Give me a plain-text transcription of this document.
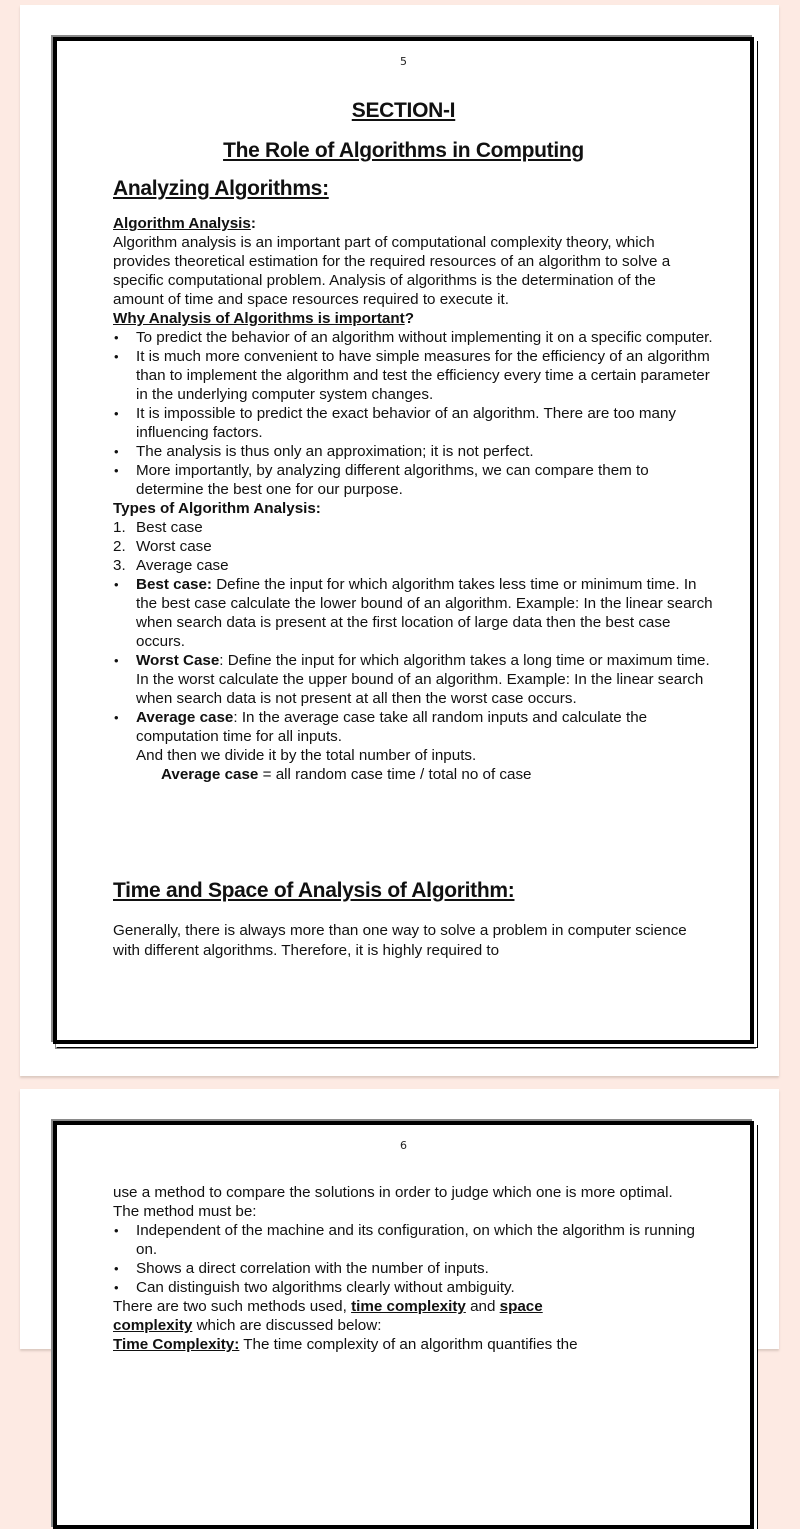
5
SECTION-I
The Role of Algorithms in Computing
Analyzing Algorithms:

Algorithm Analysis:

Algorithm analysis is an important part of computational complexity theory, which provides theoretical estimation for the required resources of an algorithm to solve a specific computational problem. Analysis of algorithms is the determination of the amount of time and space resources required to execute it.

Why Analysis of Algorithms is important?

• To predict the behavior of an algorithm without implementing it on a specific computer.
• It is much more convenient to have simple measures for the efficiency of an algorithm than to implement the algorithm and test the efficiency every time a certain parameter in the underlying computer system changes.
• It is impossible to predict the exact behavior of an algorithm. There are too many influencing factors.
• The analysis is thus only an approximation; it is not perfect.
• More importantly, by analyzing different algorithms, we can compare them to determine the best one for our purpose.

Types of Algorithm Analysis:

1. Best case
2. Worst case
3. Average case
• Best case: Define the input for which algorithm takes less time or minimum time. In the best case calculate the lower bound of an algorithm. Example: In the linear search when search data is present at the first location of large data then the best case occurs.
• Worst Case: Define the input for which algorithm takes a long time or maximum time. In the worst calculate the upper bound of an algorithm. Example: In the linear search when search data is not present at all then the worst case occurs.
• Average case: In the average case take all random inputs and calculate the computation time for all inputs.
And then we divide it by the total number of inputs.

Average case = all random case time / total no of case

Time and Space of Analysis of Algorithm:

Generally, there is always more than one way to solve a problem in computer science with different algorithms. Therefore, it is highly required to

6

use a method to compare the solutions in order to judge which one is more optimal. The method must be:

• Independent of the machine and its configuration, on which the algorithm is running on.
• Shows a direct correlation with the number of inputs.
• Can distinguish two algorithms clearly without ambiguity.

There are two such methods used, time complexity and space complexity which are discussed below:

Time Complexity: The time complexity of an algorithm quantifies the
